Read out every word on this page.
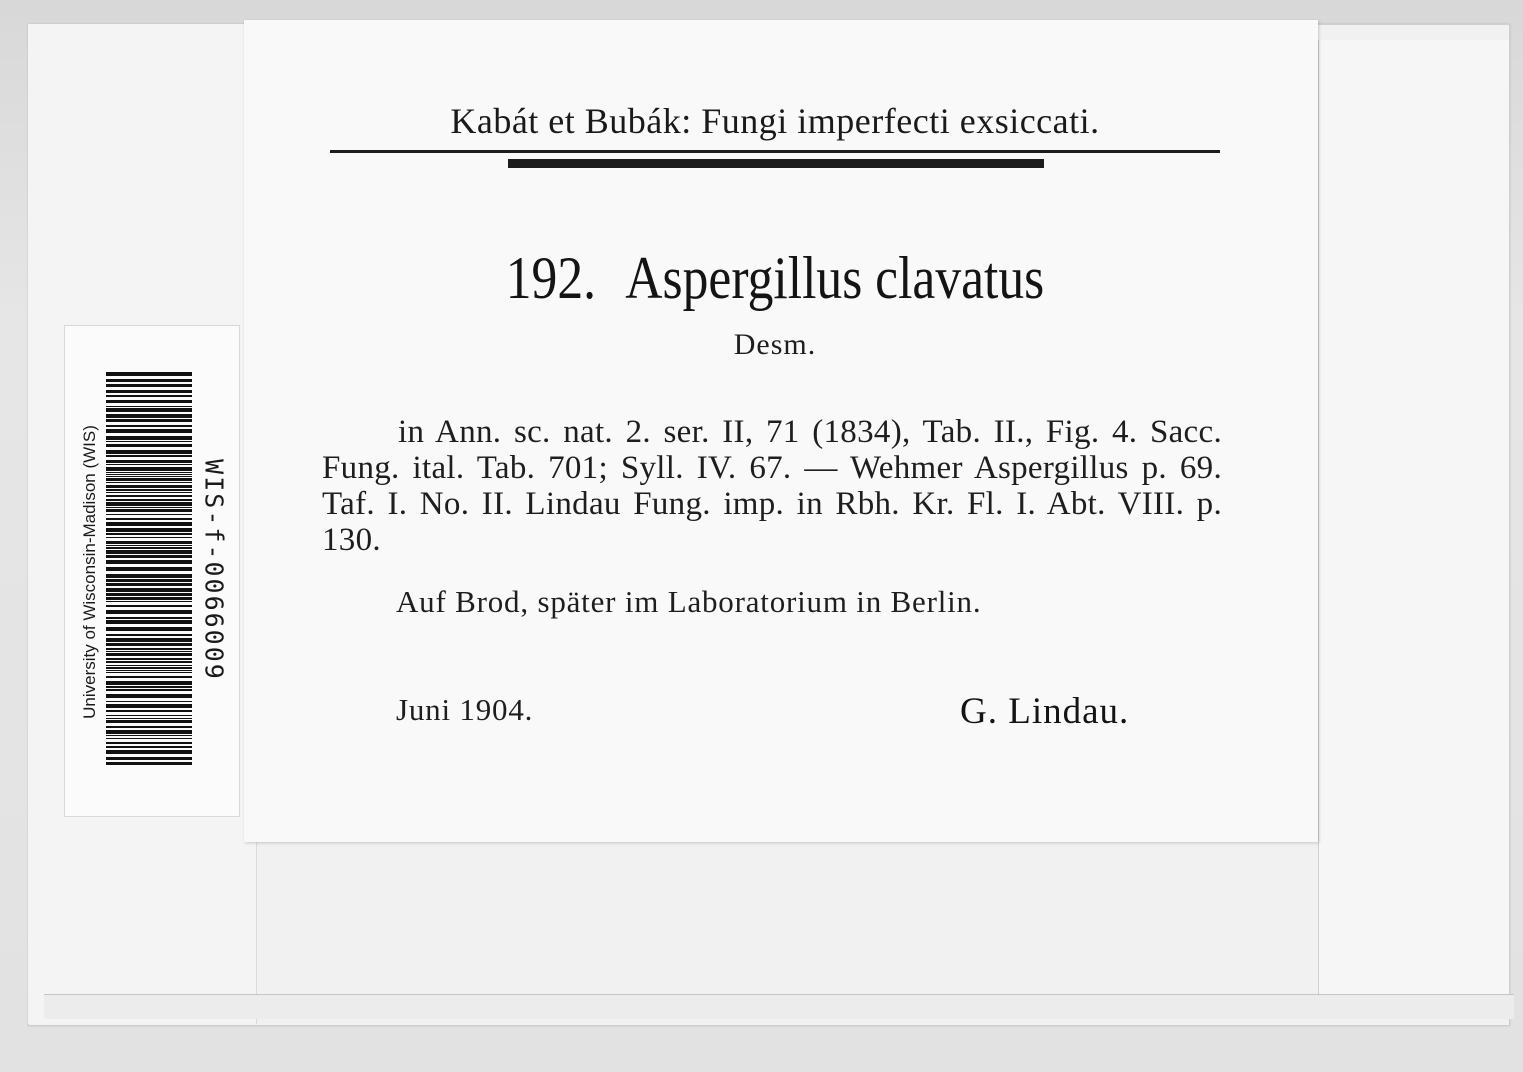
Kabát et Bubák: Fungi imperfecti exsiccati.
192. Aspergillus clavatus
Desm.
in Ann. sc. nat. 2. ser. II, 71 (1834), Tab. II., Fig. 4. Sacc. Fung. ital. Tab. 701; Syll. IV. 67. — Wehmer Aspergillus p. 69. Taf. I. No. II. Lindau Fung. imp. in Rbh. Kr. Fl. I. Abt. VIII. p. 130.
Auf Brod, später im Laboratorium in Berlin.
Juni 1904.	G. Lindau.
University of Wisconsin-Madison (WIS)	WIS-f-0066009
